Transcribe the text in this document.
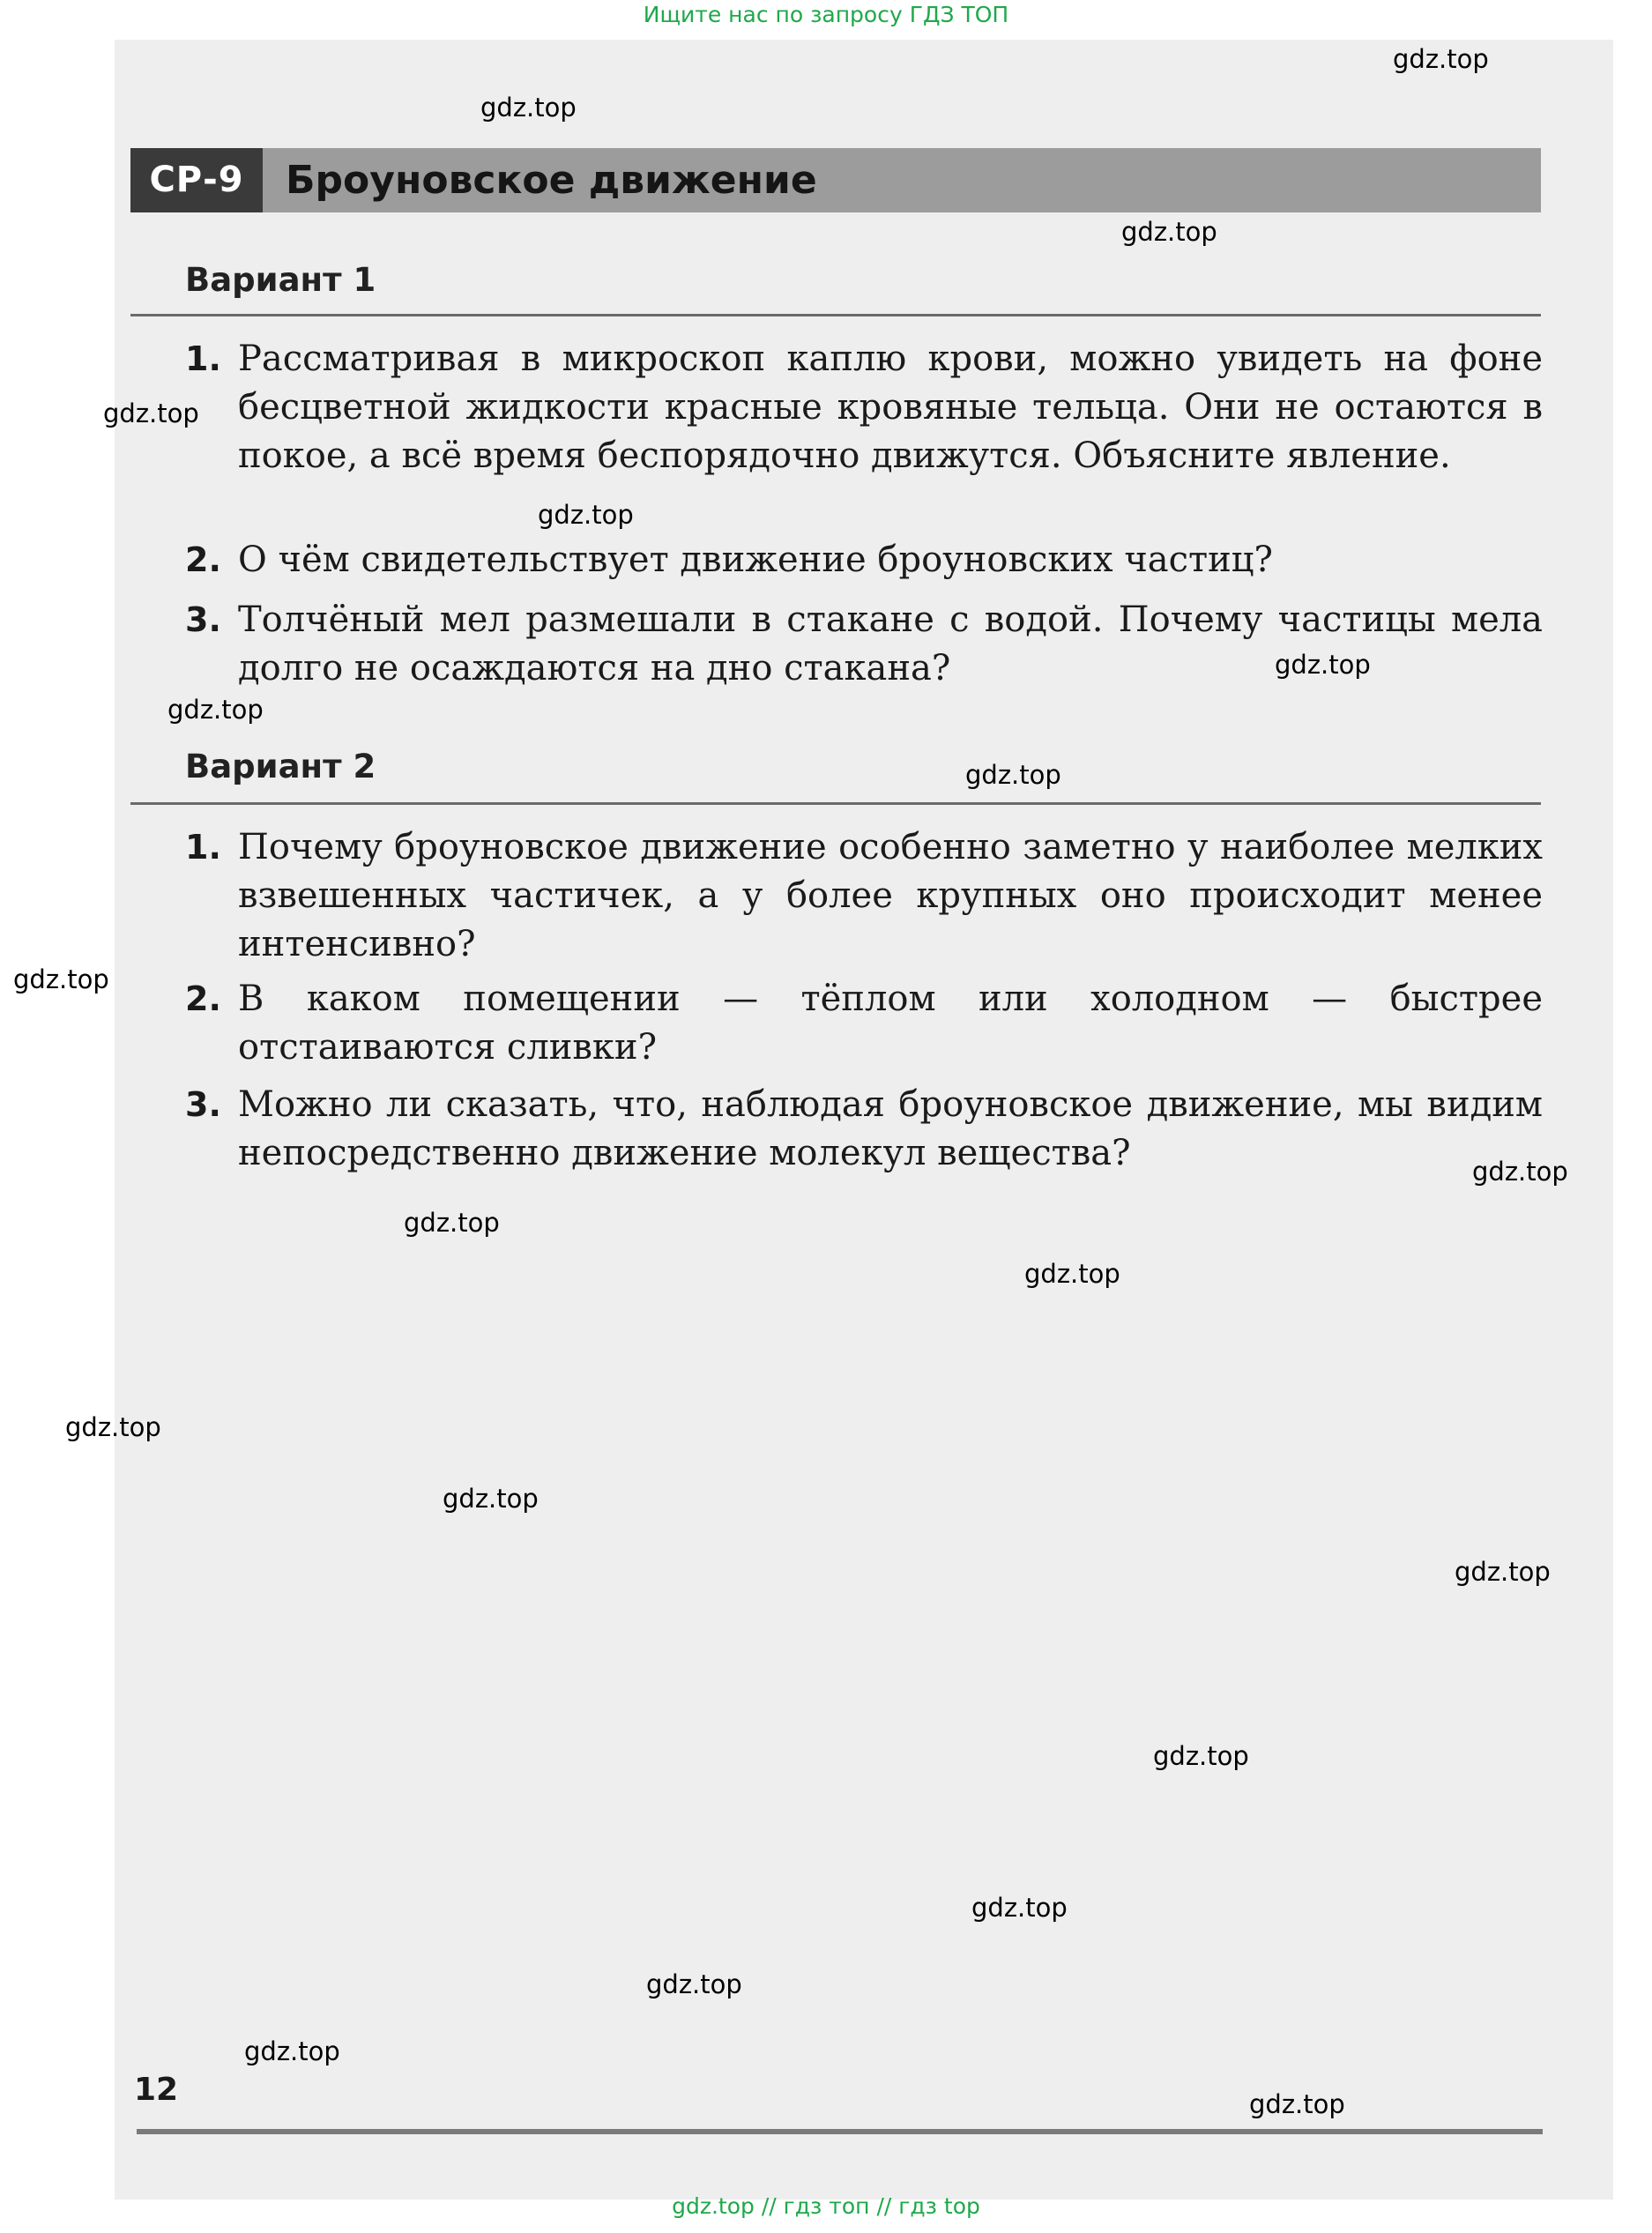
Ищите нас по запросу ГДЗ ТОП
СР-9	Броуновское движение
Вариант 1
1. Рассматривая в микроскоп каплю крови, можно увидеть на фоне бесцветной жидкости красные кровяные тельца. Они не остаются в покое, а всё время беспорядочно движутся. Объясните явление.
2. О чём свидетельствует движение броуновских частиц?
3. Толчёный мел размешали в стакане с водой. Почему частицы мела долго не осаждаются на дно стакана?
Вариант 2
1. Почему броуновское движение особенно заметно у наиболее мелких взвешенных частичек, а у более крупных оно происходит менее интенсивно?
2. В каком помещении — тёплом или холодном — быстрее отстаиваются сливки?
3. Можно ли сказать, что, наблюдая броуновское движение, мы видим непосредственно движение молекул вещества?
12
gdz.top
gdz.top
gdz.top
gdz.top
gdz.top
gdz.top
gdz.top
gdz.top
gdz.top
gdz.top
gdz.top
gdz.top
gdz.top
gdz.top
gdz.top
gdz.top
gdz.top
gdz.top
gdz.top
gdz.top
gdz.top // гдз топ // гдз top
